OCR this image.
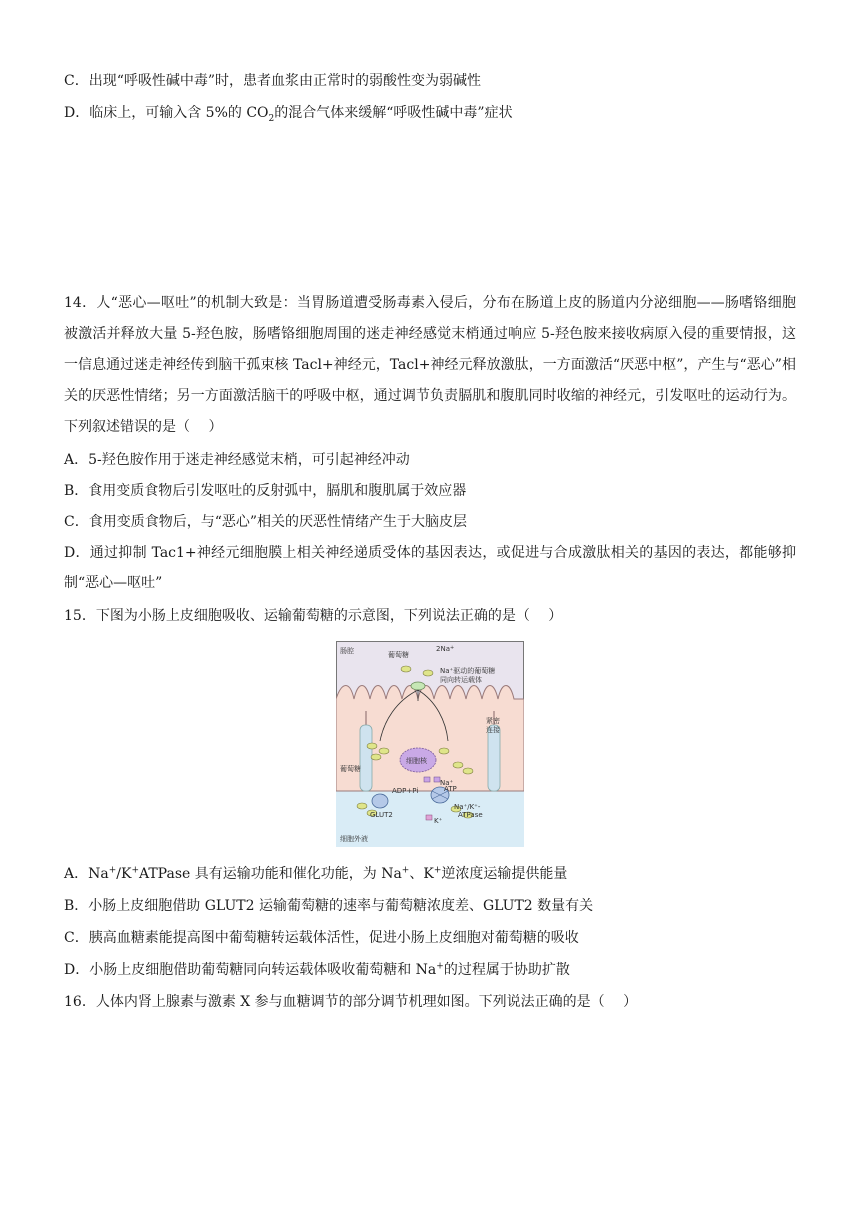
C．出现“呼吸性碱中毒”时，患者血浆由正常时的弱酸性变为弱碱性
D．临床上，可输入含 5%的 $CO_2$的混合气体来缓解“呼吸性碱中毒”症状
14．人“恶心—呕吐”的机制大致是：当胃肠道遭受肠毒素入侵后，分布在肠道上皮的肠道内分泌细胞——肠嗜铬细胞被激活并释放大量 5-羟色胺，肠嗜铬细胞周围的迷走神经感觉末梢通过响应 5-羟色胺来接收病原入侵的重要情报，这一信息通过迷走神经传到脑干孤束核 Tacl+神经元，Tacl+神经元释放激肽，一方面激活“厌恶中枢”，产生与“恶心”相关的厌恶性情绪；另一方面激活脑干的呼吸中枢，通过调节负责膈肌和腹肌同时收缩的神经元，引发呕吐的运动行为。下列叙述错误的是（　 ）
A．5-羟色胺作用于迷走神经感觉末梢，可引起神经冲动
B．食用变质食物后引发呕吐的反射弧中，膈肌和腹肌属于效应器
C．食用变质食物后，与“恶心”相关的厌恶性情绪产生于大脑皮层
D．通过抑制 Tac1+神经元细胞膜上相关神经递质受体的基因表达，或促进与合成激肽相关的基因的表达，都能够抑制“恶心—呕吐”
15．下图为小肠上皮细胞吸收、运输葡萄糖的示意图，下列说法正确的是（　 ）
肠腔	葡萄糖
2Na+
Na⁺驱动的葡萄糖
同向转运载体
紧密
连接
细胞核
葡萄糖
Na⁺
ATP
ADP+Pi
Na⁺/K⁺-
ATPase
K⁺
GLUT2
细胞外液
A．Na+/K+ATPase 具有运输功能和催化功能，为 Na+、K+逆浓度运输提供能量
B．小肠上皮细胞借助 GLUT2 运输葡萄糖的速率与葡萄糖浓度差、GLUT2 数量有关
C．胰高血糖素能提高图中葡萄糖转运载体活性，促进小肠上皮细胞对葡萄糖的吸收
D．小肠上皮细胞借助葡萄糖同向转运载体吸收葡萄糖和 Na+的过程属于协助扩散
16．人体内肾上腺素与激素 X 参与血糖调节的部分调节机理如图。下列说法正确的是（　 ）
